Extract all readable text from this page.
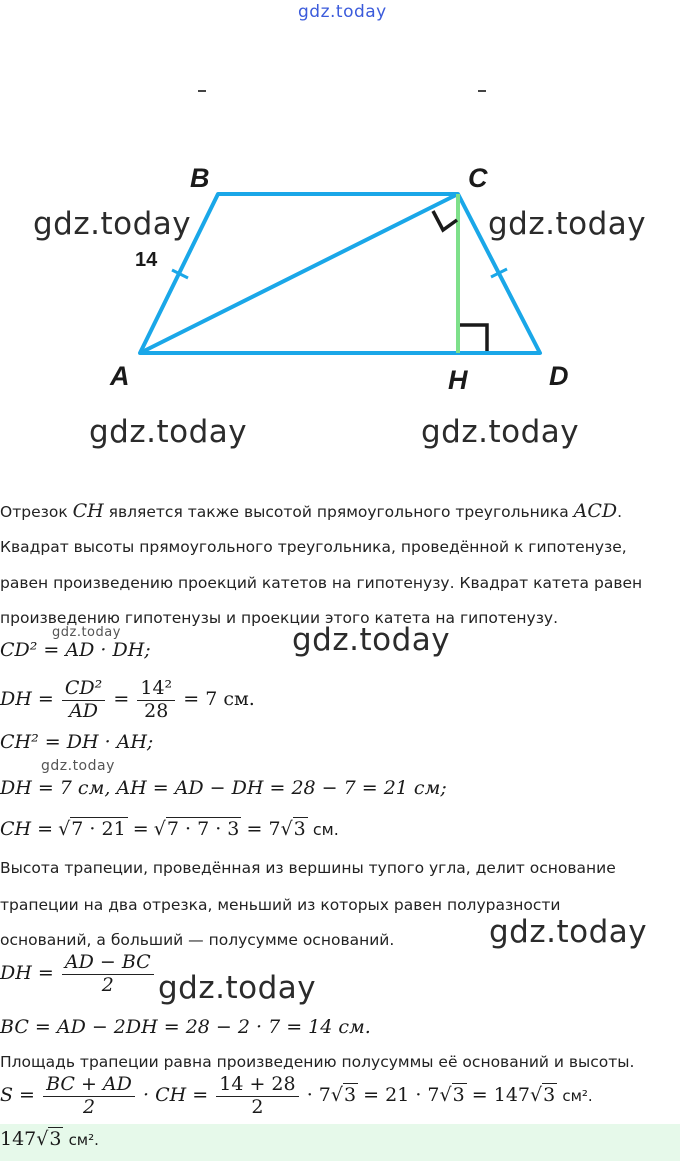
gdz.today
B	C
A	H	D
14
gdz.today	gdz.today
gdz.today	gdz.today
Отрезок CH является также высотой прямоугольного треугольника ACD.
Квадрат высоты прямоугольного треугольника, проведённой к гипотенузе,
равен произведению проекций катетов на гипотенузу. Квадрат катета равен
произведению гипотенузы и проекции этого катета на гипотенузу.
gdz.today	gdz.today
CD² = AD · DH;
DH = $\frac{\text{CD²}}{AD} = \frac{\text{14²}}{28} = 7$ см.
CH² = DH · AH;
gdz.today
DH = 7 см, AH = AD − DH = 28 − 7 = 21 см;
CH = √7 · 21 = √7 · 7 · 3 = 7√3 см.
Высота трапеции, проведённая из вершины тупого угла, делит основание
трапеции на два отрезка, меньший из которых равен полуразности
оснований, а больший — полусумме оснований.	gdz.today
DH = $\frac{AD - BC}{2}$ gdz.today
BC = AD − 2DH = 28 − 2 · 7 = 14 см.
Площадь трапеции равна произведению полусуммы её оснований и высоты.
$S = \frac{BC + AD}{2}$ · CH = $\frac{14 + 28}{2} \cdot 7√3 = 21 \cdot 7√3 = 147√3$ см².
147√3 см².
